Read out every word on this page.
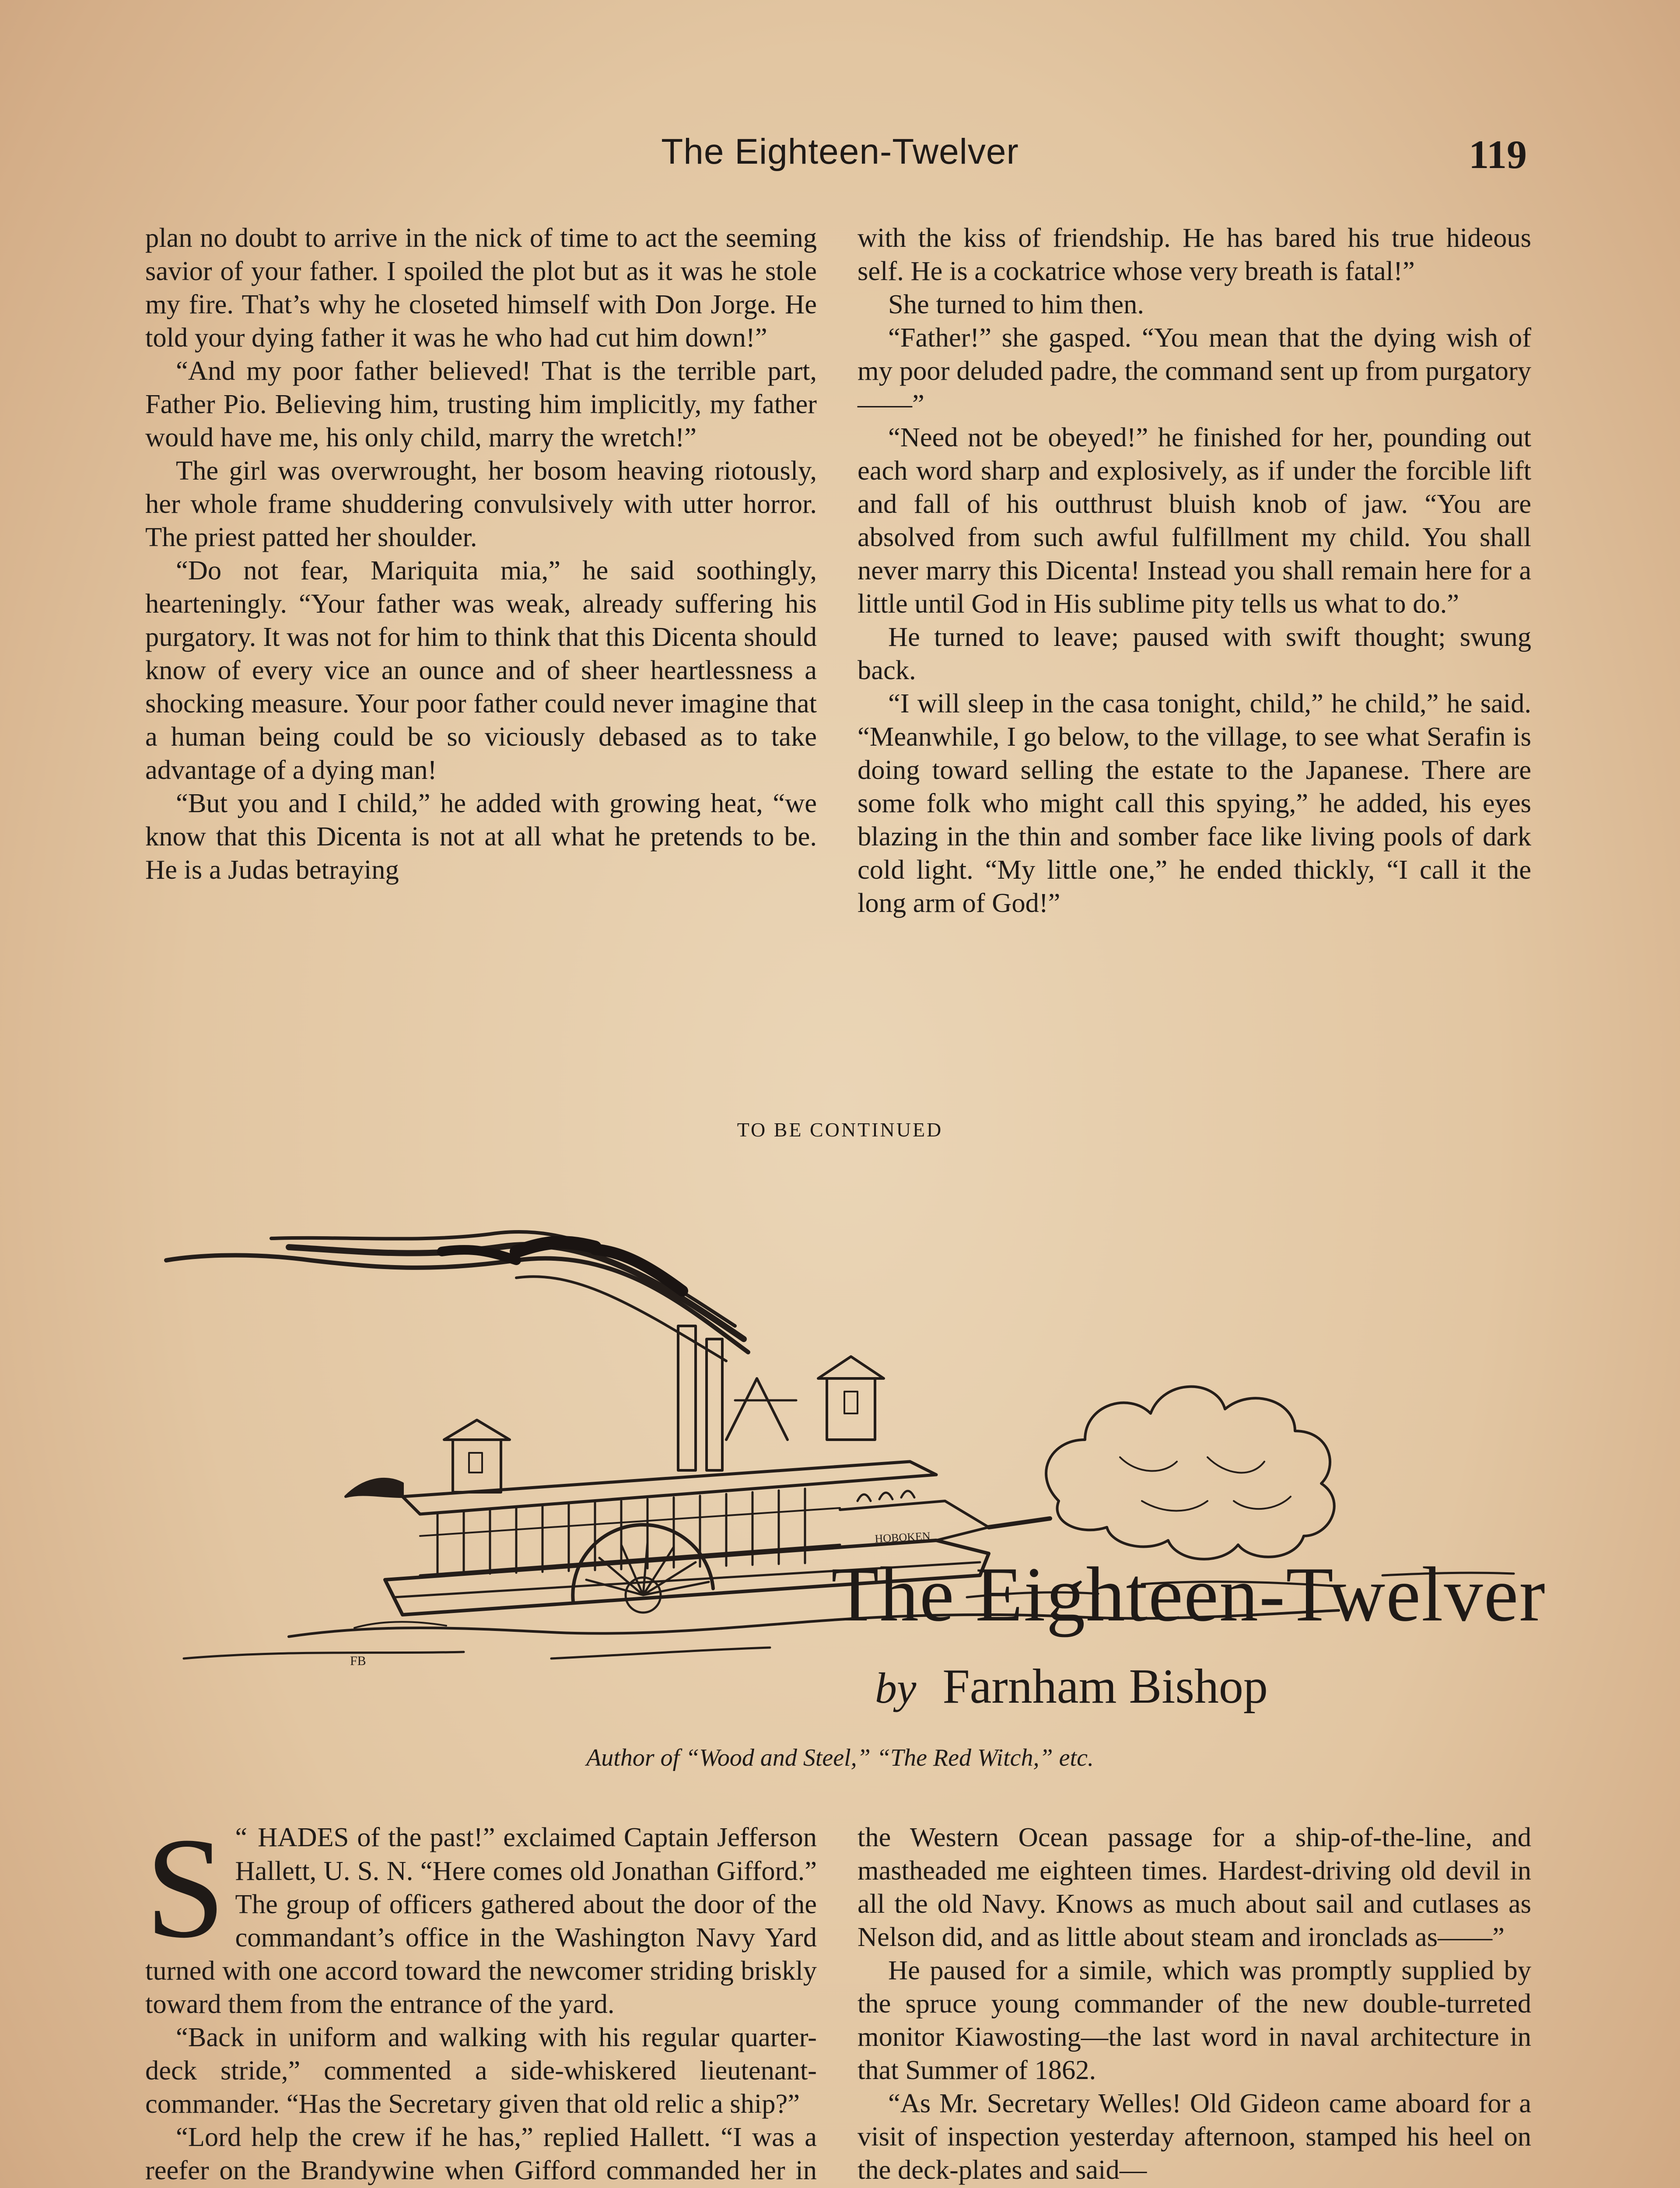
The Eighteen-Twelver	119

plan no doubt to arrive in the nick of time to act the seeming savior of your father. I spoiled the plot but as it was he stole my fire. That’s why he closeted himself with Don Jorge. He told your dying father it was he who had cut him down!”

“And my poor father believed! That is the terrible part, Father Pio. Believing him, trusting him implicitly, my father would have me, his only child, marry the wretch!”

The girl was overwrought, her bosom heaving riotously, her whole frame shuddering convulsively with utter horror. The priest patted her shoulder.

“Do not fear, Mariquita mia,” he said soothingly, hearteningly. “Your father was weak, already suffering his purgatory. It was not for him to think that this Dicenta should know of every vice an ounce and of sheer heartlessness a shocking measure. Your poor father could never imagine that a human being could be so viciously debased as to take advantage of a dying man!

“But you and I child,” he added with growing heat, “we know that this Dicenta is not at all what he pretends to be. He is a Judas betraying

with the kiss of friendship. He has bared his true hideous self. He is a cockatrice whose very breath is fatal!”

She turned to him then.

“Father!” she gasped. “You mean that the dying wish of my poor deluded padre, the command sent up from purgatory——”

“Need not be obeyed!” he finished for her, pounding out each word sharp and explosively, as if under the forcible lift and fall of his outthrust bluish knob of jaw. “You are absolved from such awful fulfillment my child. You shall never marry this Dicenta! Instead you shall remain here for a little until God in His sublime pity tells us what to do.”

He turned to leave; paused with swift thought; swung back.

“I will sleep in the casa tonight, child,” he child,” he said. “Meanwhile, I go below, to the village, to see what Serafin is doing toward selling the estate to the Japanese. There are some folk who might call this spying,” he added, his eyes blazing in the thin and somber face like living pools of dark cold light. “My little one,” he ended thickly, “I call it the long arm of God!”

TO BE CONTINUED
HOBOKEN
FB
The Eighteen-Twelver
by Farnham Bishop
Author of “Wood and Steel,” “The Red Witch,” etc.

“
S HADES of the past!” exclaimed Captain Jefferson Hallett, U. S. N. “Here comes old Jonathan Gifford.” The group of officers gathered about the door of the commandant’s office in the Washington Navy Yard turned with one accord toward the newcomer striding briskly toward them from the entrance of the yard.

“Back in uniform and walking with his regular quarter-deck stride,” commented a side-whiskered lieutenant-commander. “Has the Secretary given that old relic a ship?”

“Lord help the crew if he has,” replied Hallett. “I was a reefer on the Brandywine when Gifford commanded her in

the Western Ocean passage for a ship-of-the-line, and mastheaded me eighteen times. Hardest-driving old devil in all the old Navy. Knows as much about sail and cutlases as Nelson did, and as little about steam and ironclads as——”

He paused for a simile, which was promptly supplied by the spruce young commander of the new double-turreted monitor Kiawosting—the last word in naval architecture in that Summer of 1862.

“As Mr. Secretary Welles! Old Gideon came aboard for a visit of inspection yesterday afternoon, stamped his heel on the deck-plates and said—
